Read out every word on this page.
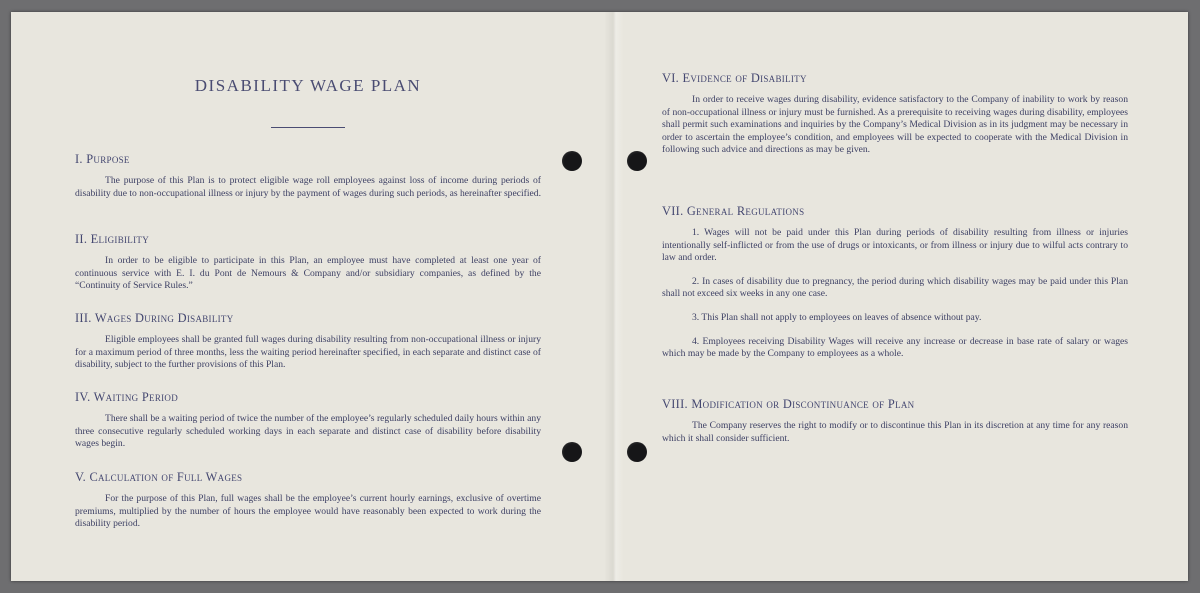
DISABILITY WAGE PLAN

I. Purpose

The purpose of this Plan is to protect eligible wage roll employees against loss of income during periods of disability due to non-occupational illness or injury by the payment of wages during such periods, as hereinafter specified.

II. Eligibility

In order to be eligible to participate in this Plan, an employee must have completed at least one year of continuous service with E. I. du Pont de Nemours & Company and/or subsidiary companies, as defined by the “Continuity of Service Rules.”

III. Wages During Disability

Eligible employees shall be granted full wages during disability resulting from non-occupational illness or injury for a maximum period of three months, less the waiting period hereinafter specified, in each separate and distinct case of disability, subject to the further provisions of this Plan.

IV. Waiting Period

There shall be a waiting period of twice the number of the employee’s regularly scheduled daily hours within any three consecutive regularly scheduled working days in each separate and distinct case of disability before disability wages begin.

V. Calculation of Full Wages

For the purpose of this Plan, full wages shall be the employee’s current hourly earnings, exclusive of overtime premiums, multiplied by the number of hours the employee would have reasonably been expected to work during the disability period.

VI. Evidence of Disability

In order to receive wages during disability, evidence satisfactory to the Company of inability to work by reason of non-occupational illness or injury must be furnished. As a prerequisite to receiving wages during disability, employees shall permit such examinations and inquiries by the Company’s Medical Division as in its judgment may be necessary in order to ascertain the employee’s condition, and employees will be expected to cooperate with the Medical Division in following such advice and directions as may be given.

VII. General Regulations

1. Wages will not be paid under this Plan during periods of disability resulting from illness or injuries intentionally self-inflicted or from the use of drugs or intoxicants, or from illness or injury due to wilful acts contrary to law and order.

2. In cases of disability due to pregnancy, the period during which disability wages may be paid under this Plan shall not exceed six weeks in any one case.

3. This Plan shall not apply to employees on leaves of absence without pay.

4. Employees receiving Disability Wages will receive any increase or decrease in base rate of salary or wages which may be made by the Company to employees as a whole.

VIII. Modification or Discontinuance of Plan

The Company reserves the right to modify or to discontinue this Plan in its discretion at any time for any reason which it shall consider sufficient.
